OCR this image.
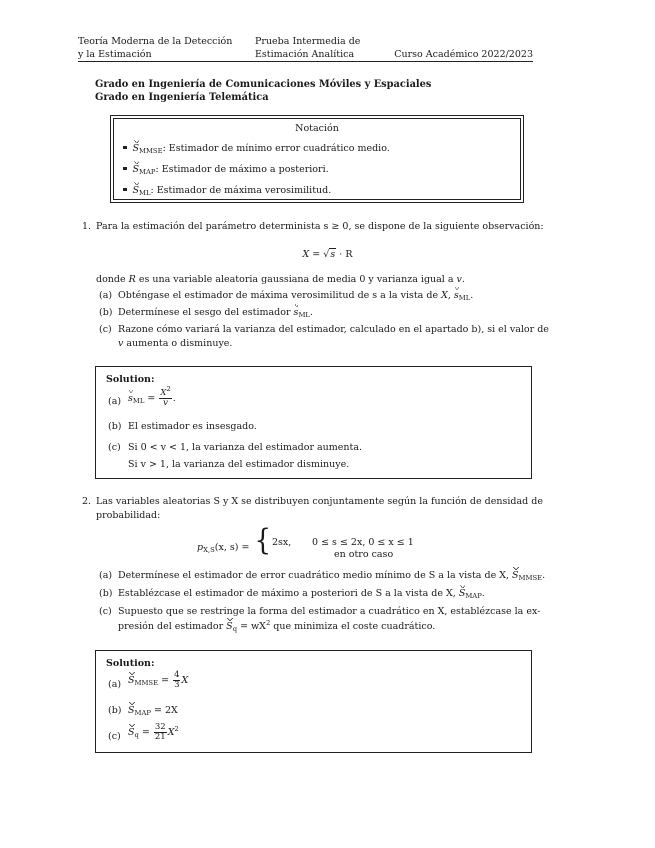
Teoría Moderna de la Detección
y la Estimación
Prueba Intermedia de
Estimación Analítica	Curso Académico 2022/2023
Grado en Ingeniería de Comunicaciones Móviles y Espaciales
Grado en Ingeniería Telemática
Notación
$S_{MMSE}$: Estimador de mínimo error cuadrático medio.
$S_{MAP}$: Estimador de máximo a posteriori.
$S_{ML}$: Estimador de máxima verosimilitud.
1. Para la estimación del parámetro determinista s ≥ 0, se dispone de la siguiente observación:
X = √s · R
donde R es una variable aleatoria gaussiana de media 0 y varianza igual a v.
(a) Obténgase el estimador de máxima verosimilitud de s a la vista de X, $s_{ML}$.
(b) Determínese el sesgo del estimador $s_{ML}$.
(c) Razone cómo variará la varianza del estimador, calculado en el apartado b), si el valor de
v aumenta o disminuye.
Solution:
(a) $s_{ML} = \frac{X^2}{v}$ .
(b) El estimador es insesgado.
(c) Si 0 < v < 1, la varianza del estimador aumenta.
Si v > 1, la varianza del estimador disminuye.
2. Las variables aleatorias S y X se distribuyen conjuntamente según la función de densidad de
probabilidad:
$p_{X,S}(x$, s) = { 2sx, 0 ≤ s ≤ 2x, 0 ≤ x ≤ 1
en otro caso
(a) Determínese el estimador de error cuadrático medio mínimo de S a la vista de X, $S_{MMSE}$.
(b) Establézcase el estimador de máximo a posteriori de S a la vista de X, $S_{MAP}$.
(c) Supuesto que se restringe la forma del estimador a cuadrático en X, establézcase la ex-
presión del estimador $S_q = wX^2$ que minimiza el coste cuadrático.
Solution:
(a) $S_{MMSE} = \frac{4}{3}$ X
(b) $S_{MAP} = 2X$
(c) $S_q = \frac{32}{21} X^2$
